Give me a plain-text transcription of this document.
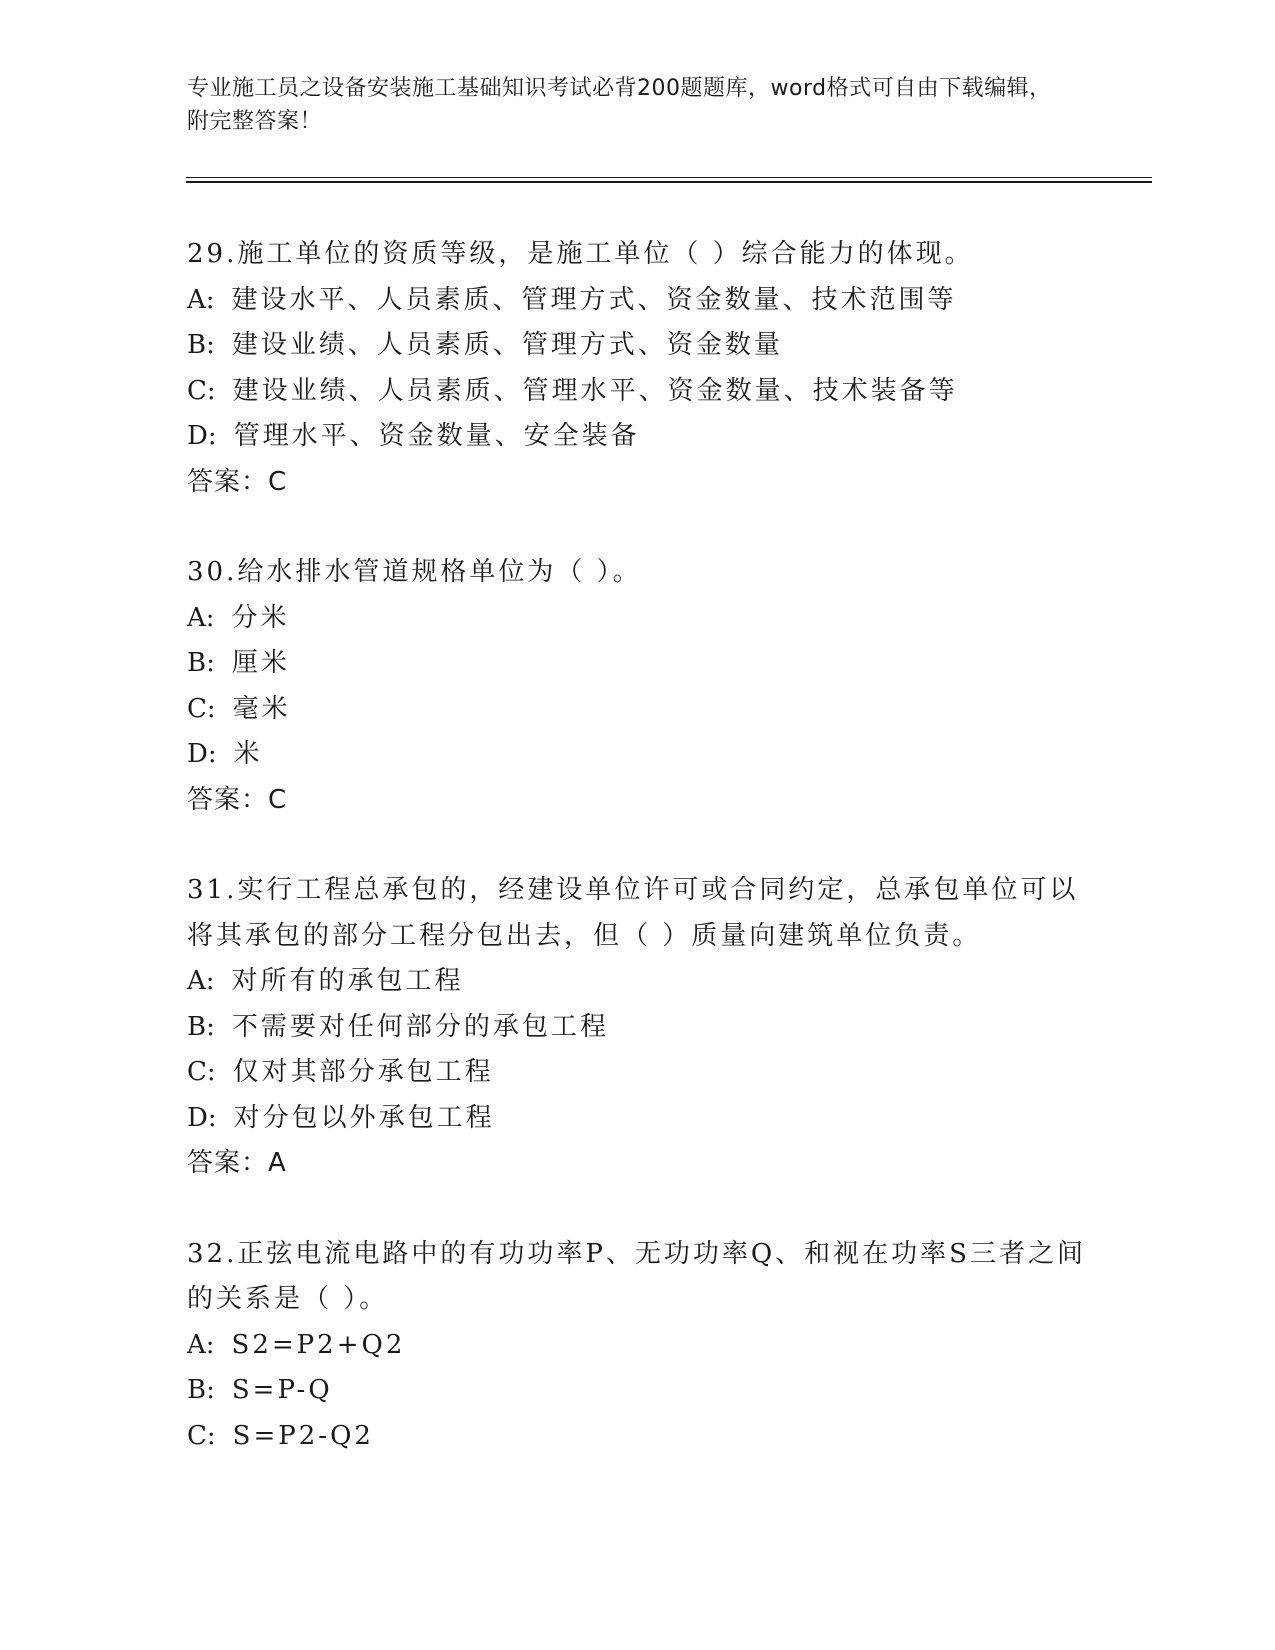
专业施工员之设备安装施工基础知识考试必背200题题库，word格式可自由下载编辑，附完整答案！
29.施工单位的资质等级，是施工单位（ ）综合能力的体现。
A: 建设水平、人员素质、管理方式、资金数量、技术范围等
B: 建设业绩、人员素质、管理方式、资金数量
C: 建设业绩、人员素质、管理水平、资金数量、技术装备等
D: 管理水平、资金数量、安全装备
答案：C
30.给水排水管道规格单位为（ ）。
A: 分米
B: 厘米
C: 毫米
D: 米
答案：C
31.实行工程总承包的，经建设单位许可或合同约定，总承包单位可以将其承包的部分工程分包出去，但（ ）质量向建筑单位负责。
A: 对所有的承包工程
B: 不需要对任何部分的承包工程
C: 仅对其部分承包工程
D: 对分包以外承包工程
答案：A
32.正弦电流电路中的有功功率P、无功功率Q、和视在功率S三者之间的关系是（ ）。
A: S2=P2+Q2
B: S=P-Q
C: S=P2-Q2
